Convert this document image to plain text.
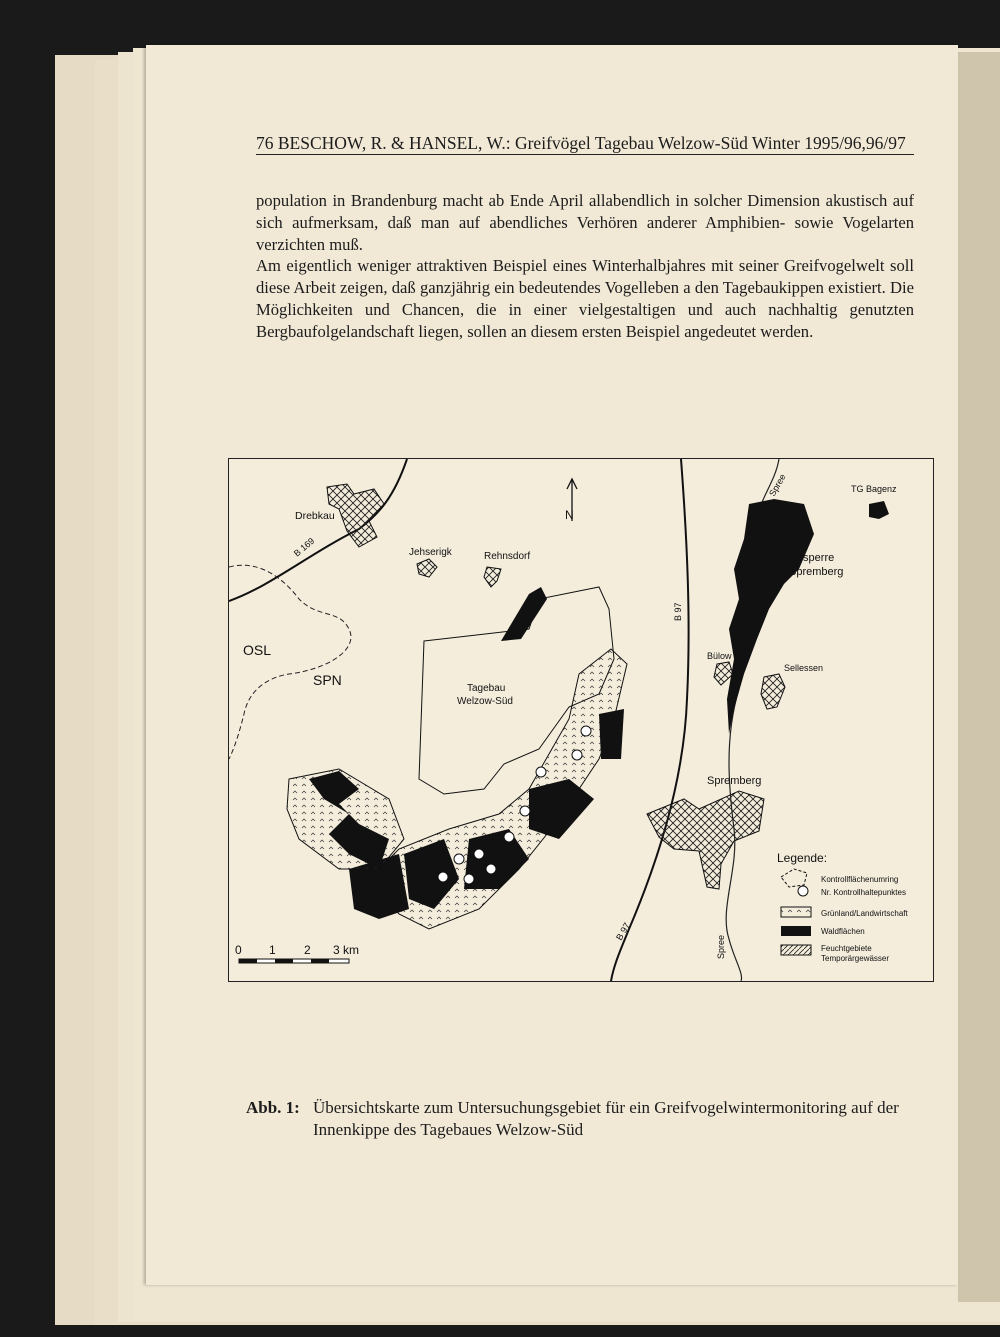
76 BESCHOW, R. & HANSEL, W.: Greifvögel Tagebau Welzow-Süd Winter 1995/96,96/97

population in Brandenburg macht ab Ende April allabendlich in solcher Dimension akustisch auf sich aufmerksam, daß man auf abendliches Verhören anderer Amphibien- sowie Vogelarten verzichten muß.

Am eigentlich weniger attraktiven Beispiel eines Winterhalbjahres mit seiner Greifvogelwelt soll diese Arbeit zeigen, daß ganzjährig ein bedeutendes Vogelleben a den Tagebaukippen existiert. Die Möglichkeiten und Chancen, die in einer vielgestaltigen und auch nachhaltig genutzten Bergbaufolgelandschaft liegen, sollen an diesem ersten Beispiel angedeutet werden.

N
Drebkau
B 169	Jehserigk	Rehnsdorf
TG Bagenz
Talsperre
Spremberg
Bülow
Sellessen
Spremberg
Tagebau
Welzow-Süd
OSL
SPN
B 97
B 97
Spree
Spree
0 1 2 3 km
Legende:
Kontrollflächenumring
Nr. Kontrollhaltepunktes
Grünland/Landwirtschaft
Waldflächen
Feuchtgebiete
Temporärgewässer
Abb. 1: Übersichtskarte zum Untersuchungsgebiet für ein Greifvogelwintermonitoring auf der Innenkippe des Tagebaues Welzow-Süd
